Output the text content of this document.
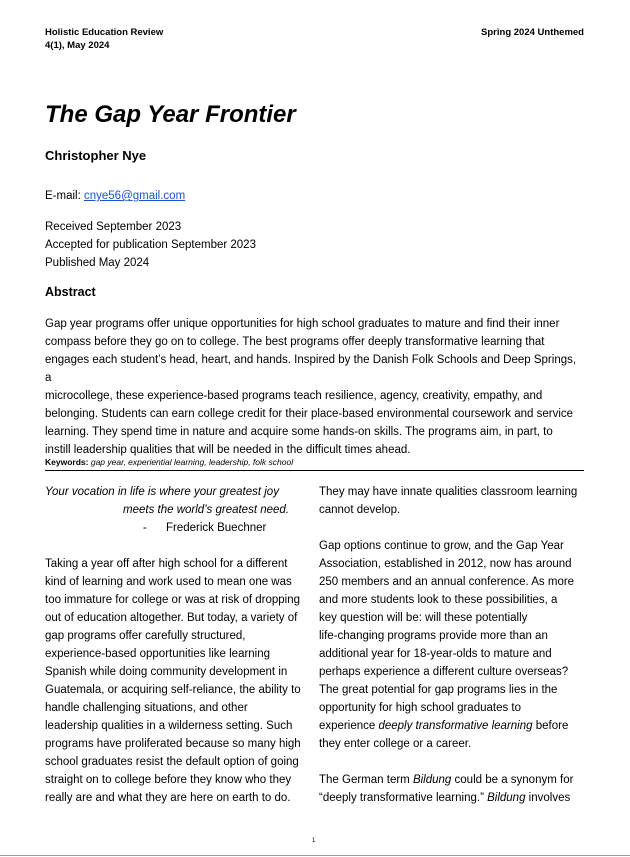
Holistic Education Review
4(1), May 2024
Spring 2024 Unthemed
The Gap Year Frontier
Christopher Nye
E-mail: cnye56@gmail.com
Received September 2023
Accepted for publication September 2023
Published May 2024
Abstract
Gap year programs offer unique opportunities for high school graduates to mature and find their inner
compass before they go on to college. The best programs offer deeply transformative learning that
engages each student’s head, heart, and hands. Inspired by the Danish Folk Schools and Deep Springs, a
microcollege, these experience-based programs teach resilience, agency, creativity, empathy, and
belonging. Students can earn college credit for their place-based environmental coursework and service
learning. They spend time in nature and acquire some hands-on skills. The programs aim, in part, to
instill leadership qualities that will be needed in the difficult times ahead.
Keywords: gap year, experiential learning, leadership, folk school
Your vocation in life is where your greatest joy
meets the world’s greatest need.
-      Frederick Buechner
Taking a year off after high school for a different
kind of learning and work used to mean one was
too immature for college or was at risk of dropping
out of education altogether. But today, a variety of
gap programs offer carefully structured,
experience-based opportunities like learning
Spanish while doing community development in
Guatemala, or acquiring self-reliance, the ability to
handle challenging situations, and other
leadership qualities in a wilderness setting. Such
programs have proliferated because so many high
school graduates resist the default option of going
straight on to college before they know who they
really are and what they are here on earth to do.
They may have innate qualities classroom learning
cannot develop.
Gap options continue to grow, and the Gap Year
Association, established in 2012, now has around
250 members and an annual conference. As more
and more students look to these possibilities, a
key question will be: will these potentially
life-changing programs provide more than an
additional year for 18-year-olds to mature and
perhaps experience a different culture overseas?
The great potential for gap programs lies in the
opportunity for high school graduates to
experience deeply transformative learning before
they enter college or a career.
The German term Bildung could be a synonym for
“deeply transformative learning.” Bildung involves
1
